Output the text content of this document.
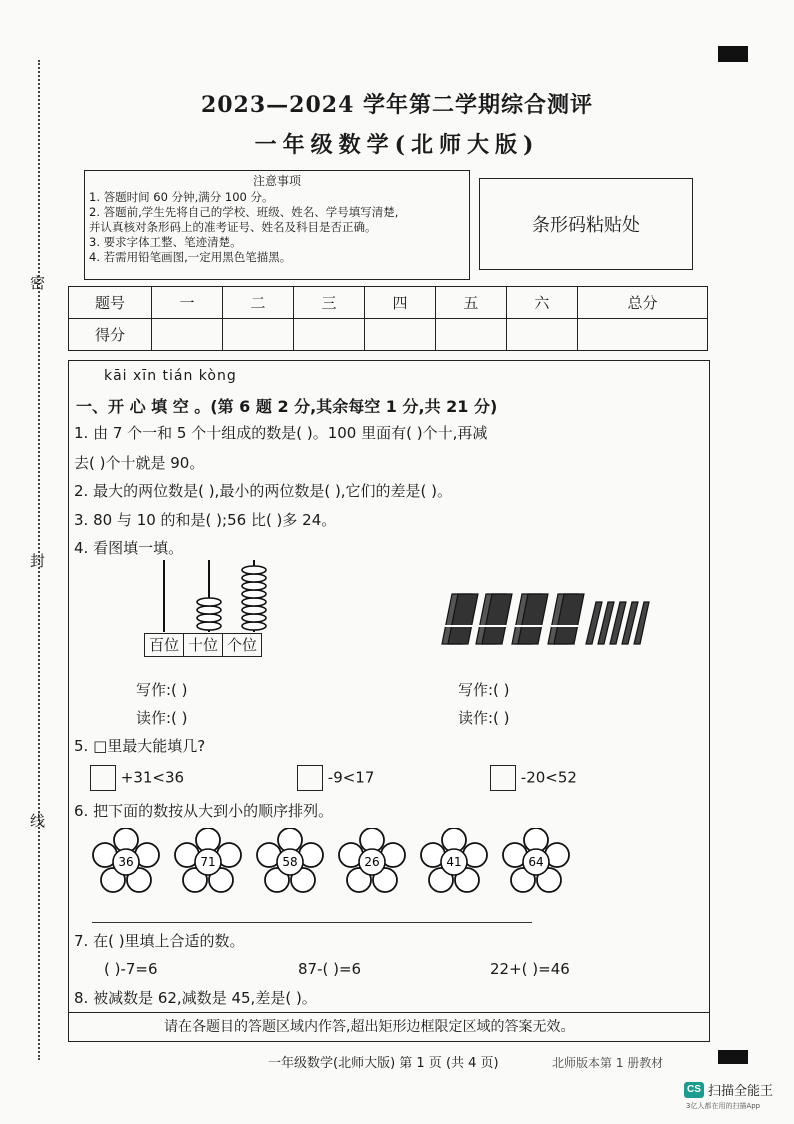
密
封
线
2023—2024 学年第二学期综合测评
一年级数学(北师大版)
注意事项
1. 答题时间 60 分钟,满分 100 分。
2. 答题前,学生先将自己的学校、班级、姓名、学号填写清楚,
并认真核对条形码上的准考证号、姓名及科目是否正确。
3. 要求字体工整、笔迹清楚。
4. 若需用铅笔画图,一定用黑色笔描黑。
条形码粘贴处
题号	一	二	三	四	五	六	总分
得分							
kāi xīn tián kòng
一、开 心 填 空 。(第 6 题 2 分,其余每空 1 分,共 21 分)
1. 由 7 个一和 5 个十组成的数是( )。100 里面有( )个十,再减
去( )个十就是 90。
2. 最大的两位数是( ),最小的两位数是( ),它们的差是( )。
3. 80 与 10 的和是( );56 比( )多 24。
4. 看图填一填。
百位 十位 个位
写作:( )
读作:( )
写作:( )
读作:( )
5. □里最大能填几?
+31<36	-9<17	-20<52
6. 把下面的数按从大到小的顺序排列。
36	71	58	26	41	64
7. 在( )里填上合适的数。
( )-7=6	87-( )=6	22+( )=46
8. 被减数是 62,减数是 45,差是( )。
请在各题目的答题区域内作答,超出矩形边框限定区域的答案无效。
一年级数学(北师大版) 第 1 页 (共 4 页)	北师版本第 1 册教材
CS 扫描全能王
3亿人都在用的扫描App
